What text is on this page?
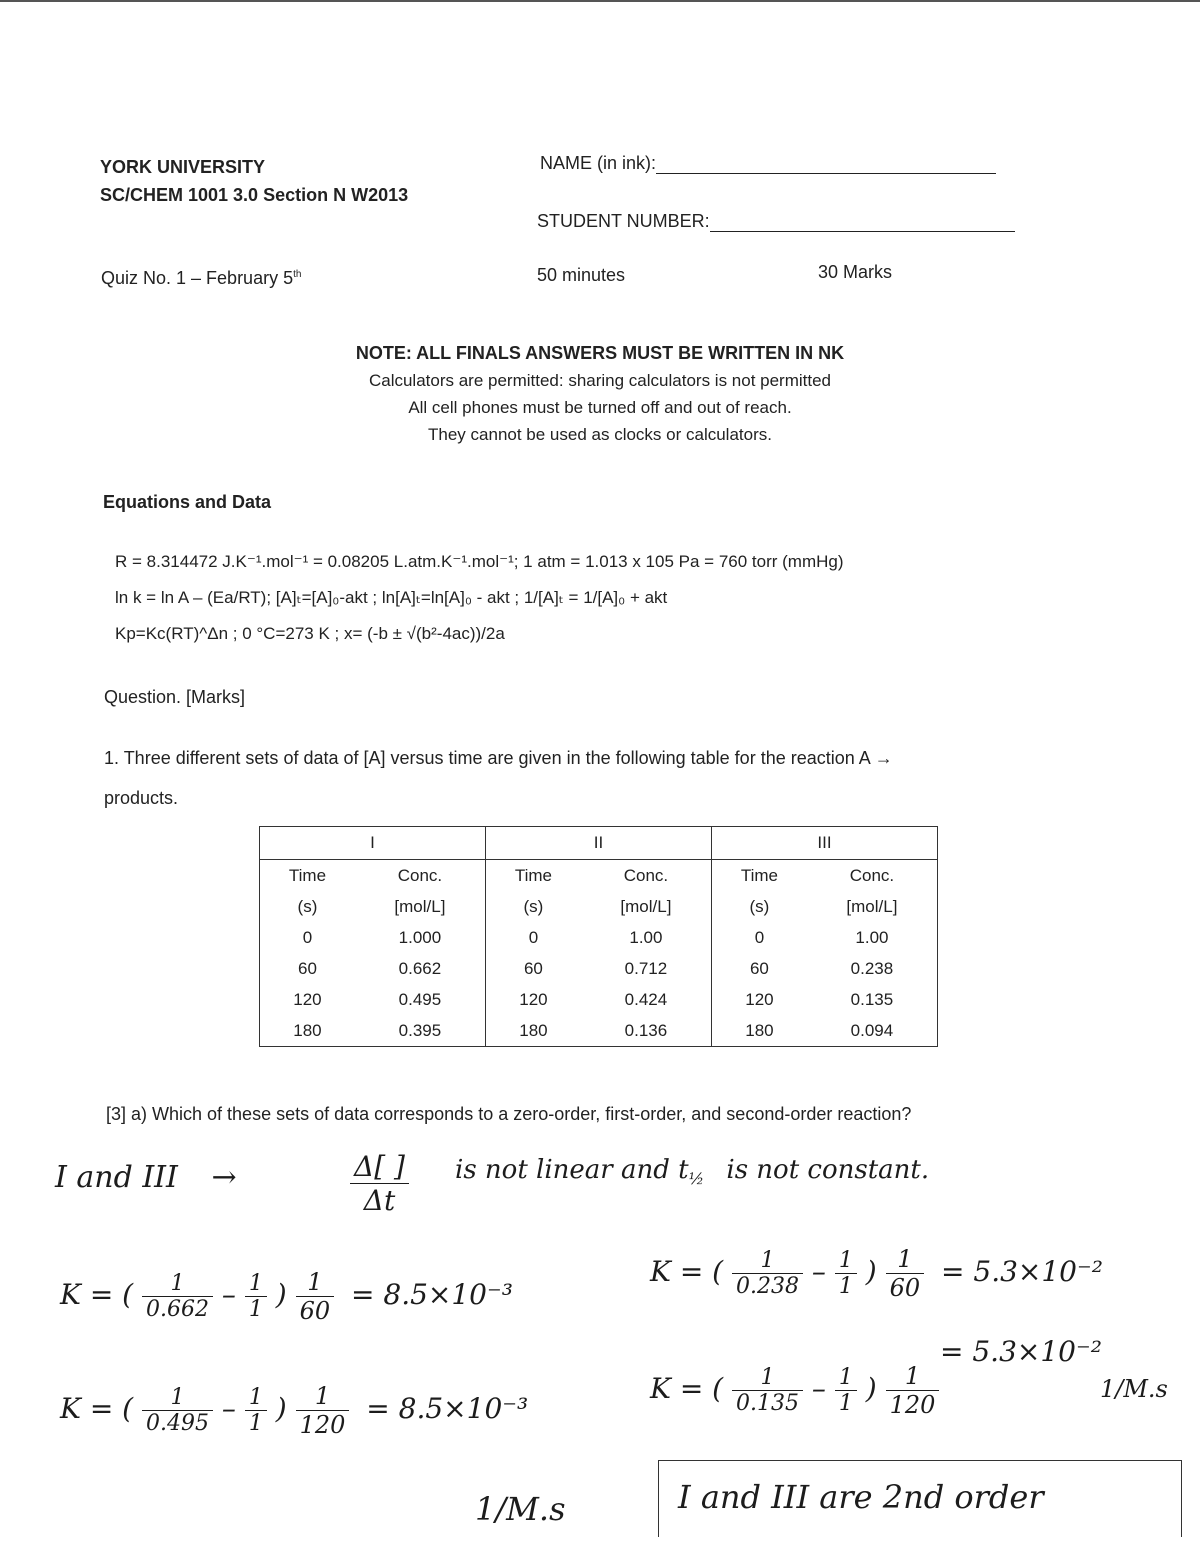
YORK UNIVERSITY
SC/CHEM 1001 3.0 Section N W2013
NAME (in ink):
STUDENT NUMBER:
Quiz No. 1 – February 5th	50 minutes	30 Marks
NOTE: ALL FINALS ANSWERS MUST BE WRITTEN IN NK
Calculators are permitted: sharing calculators is not permitted
All cell phones must be turned off and out of reach.
They cannot be used as clocks or calculators.
Equations and Data
R = 8.314472 J.K⁻¹.mol⁻¹ = 0.08205 L.atm.K⁻¹.mol⁻¹; 1 atm = 1.013 x 105 Pa = 760 torr (mmHg)
ln k = ln A – (Ea/RT); [A]ₜ=[A]₀-akt ; ln[A]ₜ=ln[A]₀ - akt ; 1/[A]ₜ = 1/[A]₀ + akt
Kp=Kc(RT)^Δn ; 0 °C=273 K ; x= (-b ± √(b²-4ac))/2a
Question. [Marks]
1. Three different sets of data of [A] versus time are given in the following table for the reaction A →
products.
I		II		III	
Time	Conc.	Time	Conc.	Time	Conc.
(s)	[mol/L]	(s)	[mol/L]	(s)	[mol/L]
0	1.000	0	1.00	0	1.00
60	0.662	60	0.712	60	0.238
120	0.495	120	0.424	120	0.135
180	0.395	180	0.136	180	0.094
[3] a) Which of these sets of data corresponds to a zero-order, first-order, and second-order reaction?
I and III →	$\frac{\Delta[ ]}{\Delta t}$ is not linear and $t_{\frac{1}{2}}$ is not constant.
K = ( $\frac{1}{0.662} - \frac{1}{1}$ ) $\frac{1}{60} = 8.5\times 10^{-3}$
K = ( $\frac{1}{0.495} - \frac{1}{1}$ ) $\frac{1}{120} = 8.5\times 10^{-3}$
1/M.s
K = ( $\frac{1}{0.238} - \frac{1}{1}$ ) $\frac{1}{60} = 5.3\times 10^{-2}$
K = ( $\frac{1}{0.135} - \frac{1}{1}$ ) $\frac{1}{120}$
= 5.3×10⁻²
1/M.s
I and III are 2nd order
